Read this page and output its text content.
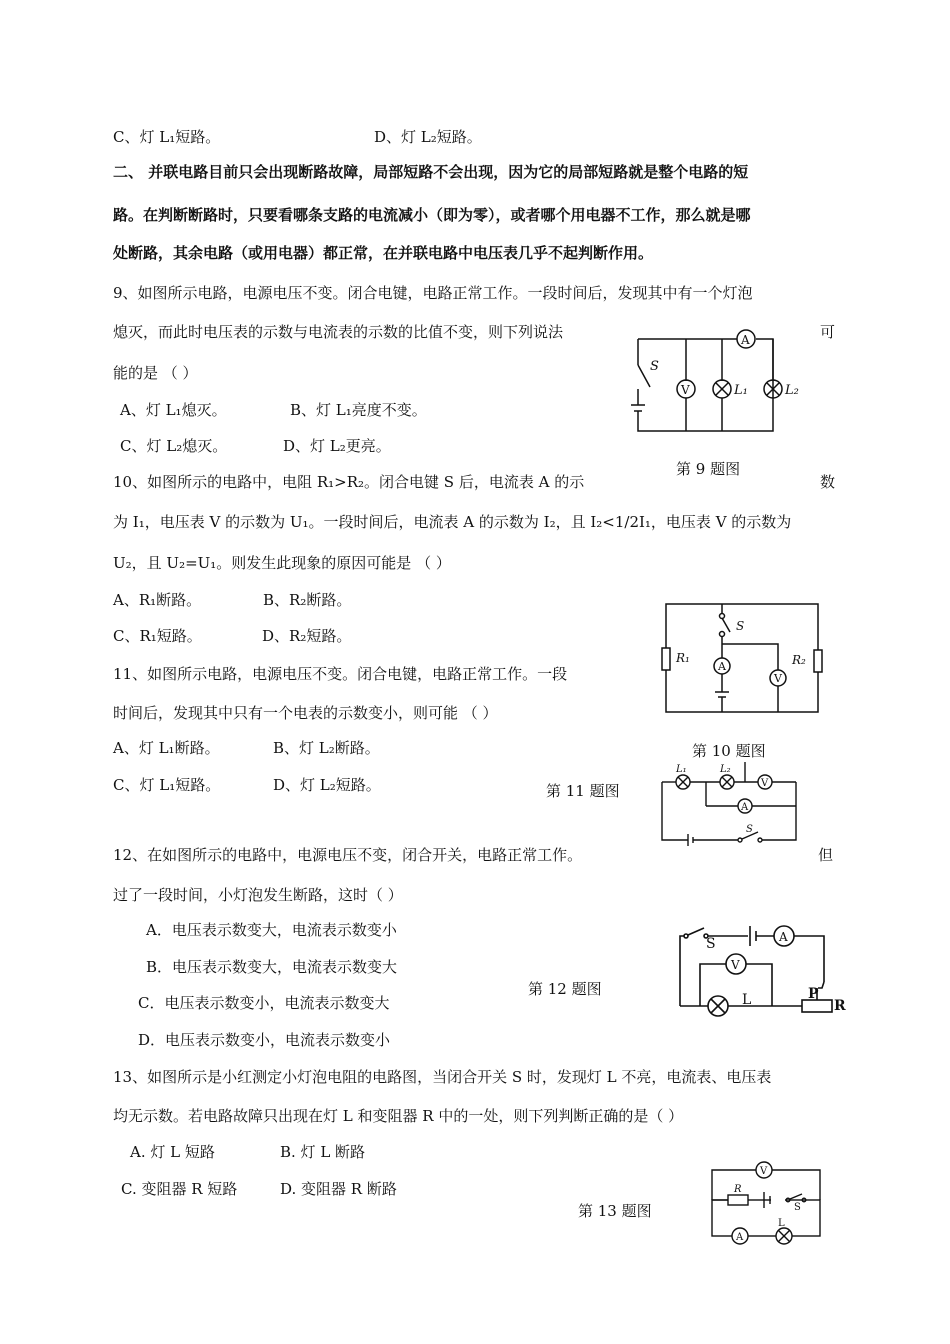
C、灯 L₁短路。	D、灯 L₂短路。
二、 并联电路目前只会出现断路故障，局部短路不会出现，因为它的局部短路就是整个电路的短
路。在判断断路时，只要看哪条支路的电流减小（即为零），或者哪个用电器不工作，那么就是哪
处断路，其余电路（或用电器）都正常，在并联电路中电压表几乎不起判断作用。
9、如图所示电路，电源电压不变。闭合电键，电路正常工作。一段时间后，发现其中有一个灯泡
熄灭，而此时电压表的示数与电流表的示数的比值不变，则下列说法	可
能的是 （ ）
A、灯 L₁熄灭。	B、灯 L₁亮度不变。
C、灯 L₂熄灭。	D、灯 L₂更亮。
第 9 题图
S
A
V	L₁	L₂
10、如图所示的电路中，电阻 R₁>R₂。闭合电键 S 后，电流表 A 的示	数
为 I₁，电压表 V 的示数为 U₁。一段时间后，电流表 A 的示数为 I₂，且 I₂<1/2I₁，电压表 V 的示数为
U₂，且 U₂=U₁。则发生此现象的原因可能是 （ ）
A、R₁断路。	B、R₂断路。
C、R₁短路。	D、R₂短路。
第 10 题图
S
A
V
R₁	R₂
11、如图所示电路，电源电压不变。闭合电键，电路正常工作。一段
时间后，发现其中只有一个电表的示数变小，则可能 （ ）
A、灯 L₁断路。	B、灯 L₂断路。
C、灯 L₁短路。	D、灯 L₂短路。	第 11 题图
L₁	L₂
V
A
S
12、在如图所示的电路中，电源电压不变，闭合开关，电路正常工作。	但
过了一段时间，小灯泡发生断路，这时（ ）
A．电压表示数变大，电流表示数变小
B．电压表示数变大，电流表示数变大
C．电压表示数变小，电流表示数变大
D．电压表示数变小，电流表示数变小
第 12 题图
S	A
V
L	P
R
13、如图所示是小红测定小灯泡电阻的电路图，当闭合开关 S 时，发现灯 L 不亮，电流表、电压表
均无示数。若电路故障只出现在灯 L 和变阻器 R 中的一处，则下列判断正确的是（ ）
A. 灯 L 短路	B. 灯 L 断路
C. 变阻器 R 短路	D. 变阻器 R 断路
第 13 题图
V
R
S
A
L
